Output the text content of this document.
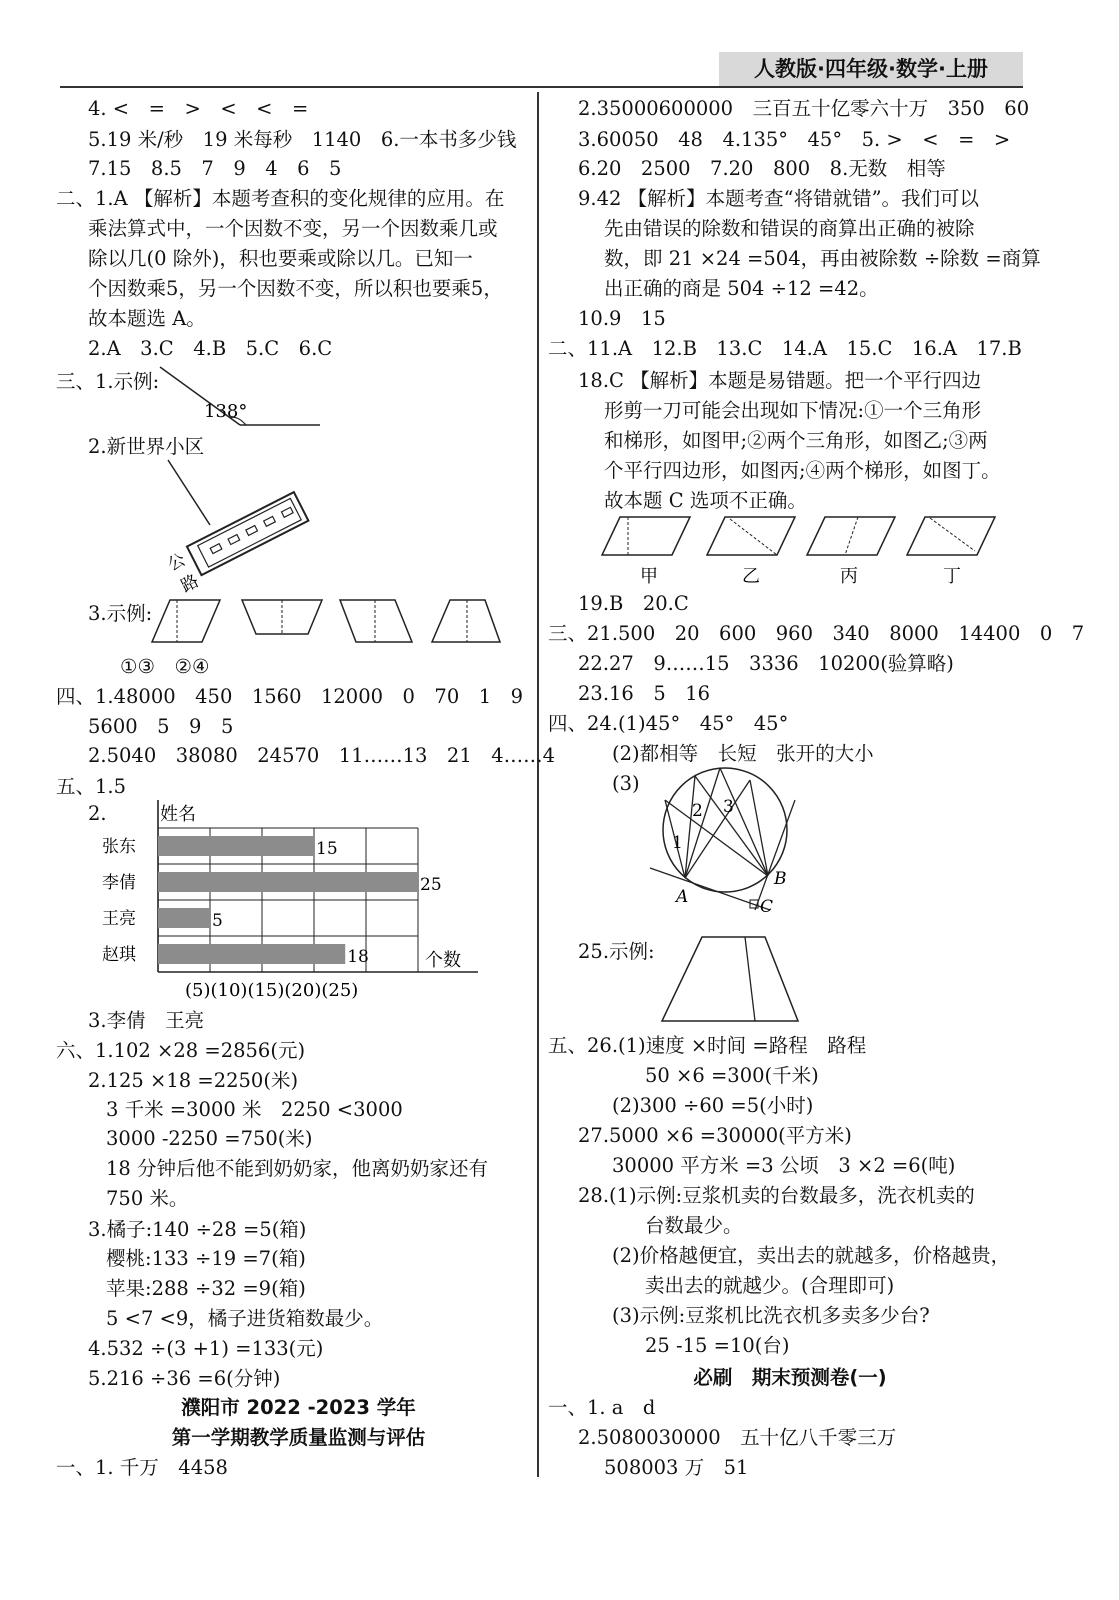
人教版·四年级·数学·上册
4. <　=　>　<　<　=
5.19 米/秒　19 米每秒　1140　6.一本书多少钱
7.15　8.5　7　9　4　6　5
二、1.A 【解析】本题考查积的变化规律的应用。在
乘法算式中，一个因数不变，另一个因数乘几或
除以几(0 除外)，积也要乘或除以几。已知一
个因数乘5，另一个因数不变，所以积也要乘5，
故本题选 A。
2.A　3.C　4.B　5.C　6.C
三、1.示例:
138°
2.新世界小区
公
路
3.示例:
①③　②④
四、1.48000　450　1560　12000　0　70　1　9
5600　5　9　5
2.5040　38080　24570　11……13　21　4……4
五、1.5
2.	姓名
个数
(5)(10)(15)(20)(25)
张东	15
李倩	25
王亮	5
赵琪	18
3.李倩　王亮
六、1.102 ×28 =2856(元)
2.125 ×18 =2250(米)
3 千米 =3000 米　2250 <3000
3000 -2250 =750(米)
18 分钟后他不能到奶奶家，他离奶奶家还有
750 米。
3.橘子:140 ÷28 =5(箱)
樱桃:133 ÷19 =7(箱)
苹果:288 ÷32 =9(箱)
5 <7 <9，橘子进货箱数最少。
4.532 ÷(3 +1) =133(元)
5.216 ÷36 =6(分钟)
濮阳市 2022 -2023 学年
第一学期教学质量监测与评估
一、1. 千万　4458
2.35000600000　三百五十亿零六十万　350　60
3.60050　48　4.135°　45°　5. >　<　=　>
6.20　2500　7.20　800　8.无数　相等
9.42 【解析】本题考查“将错就错”。我们可以
先由错误的除数和错误的商算出正确的被除
数，即 21 ×24 =504，再由被除数 ÷除数 =商算
出正确的商是 504 ÷12 =42。
10.9　15
二、11.A　12.B　13.C　14.A　15.C　16.A　17.B
18.C 【解析】本题是易错题。把一个平行四边
形剪一刀可能会出现如下情况:①一个三角形
和梯形，如图甲;②两个三角形，如图乙;③两
个平行四边形，如图丙;④两个梯形，如图丁。
故本题 C 选项不正确。
甲	乙	丙	丁
19.B　20.C
三、21.500　20　600　960　340　8000　14400　0　7
22.27　9……15　3336　10200(验算略)
23.16　5　16
四、24.(1)45°　45°　45°
(2)都相等　长短　张开的大小
(3)
1
2 3
A
B
C
25.示例:
五、26.(1)速度 ×时间 =路程　路程
50 ×6 =300(千米)
(2)300 ÷60 =5(小时)
27.5000 ×6 =30000(平方米)
30000 平方米 =3 公顷　3 ×2 =6(吨)
28.(1)示例:豆浆机卖的台数最多，洗衣机卖的
台数最少。
(2)价格越便宜，卖出去的就越多，价格越贵，
卖出去的就越少。(合理即可)
(3)示例:豆浆机比洗衣机多卖多少台?
25 -15 =10(台)
必刷　期末预测卷(一)
一、1. a　d
2.5080030000　五十亿八千零三万
508003 万　51
